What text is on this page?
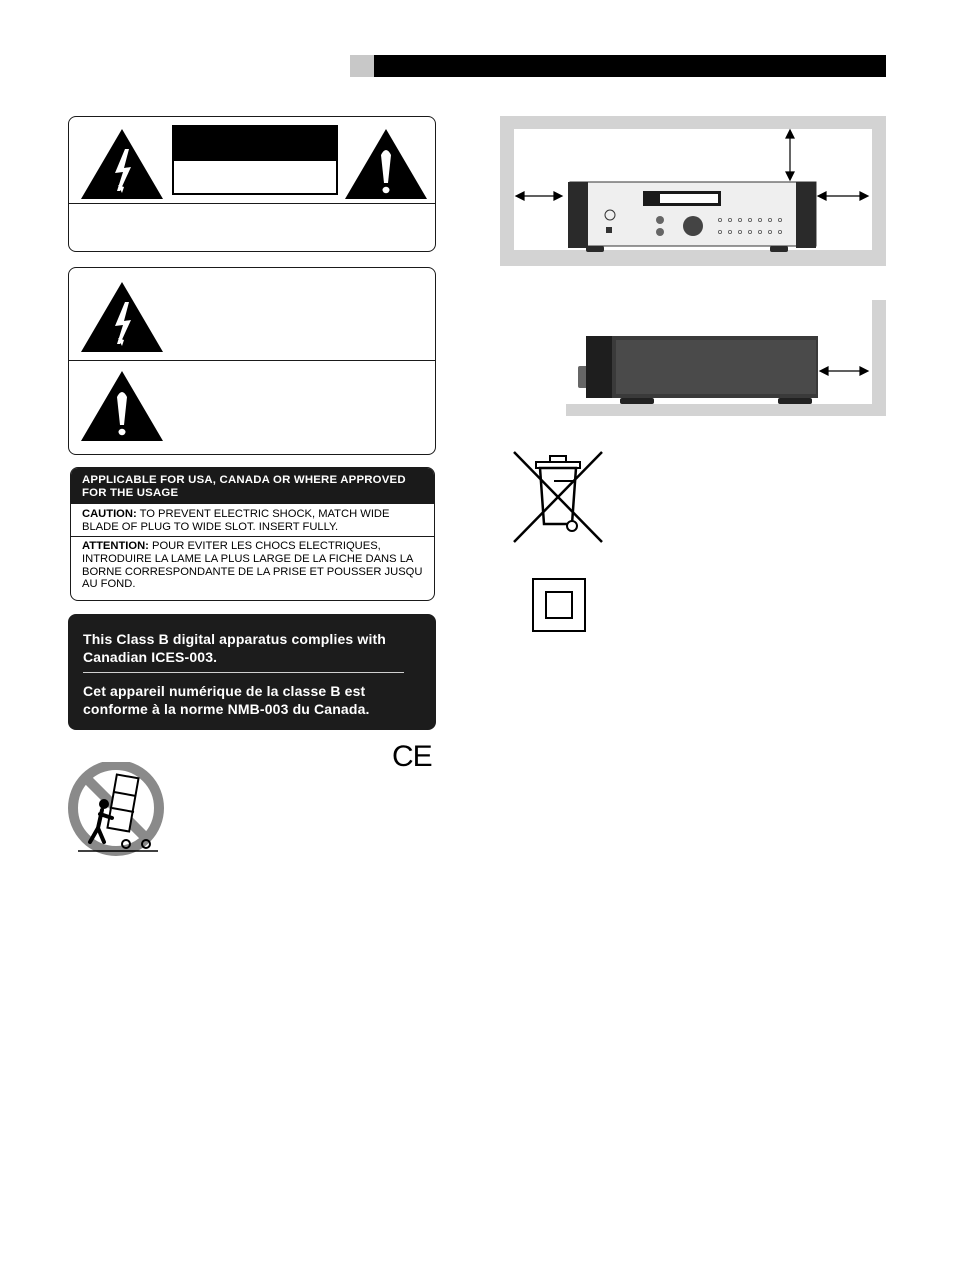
APPLICABLE FOR USA, CANADA OR WHERE APPROVED FOR THE USAGE
CAUTION: TO PREVENT ELECTRIC SHOCK, MATCH WIDE BLADE OF PLUG TO WIDE SLOT. INSERT FULLY.
ATTENTION: POUR EVITER LES CHOCS ELECTRIQUES, INTRODUIRE LA LAME LA PLUS LARGE DE LA FICHE DANS LA BORNE CORRESPONDANTE DE LA PRISE ET POUSSER JUSQU AU FOND.
This Class B digital apparatus complies with Canadian ICES-003.
Cet appareil numérique de la classe B est conforme à la norme NMB-003 du Canada.
CE
